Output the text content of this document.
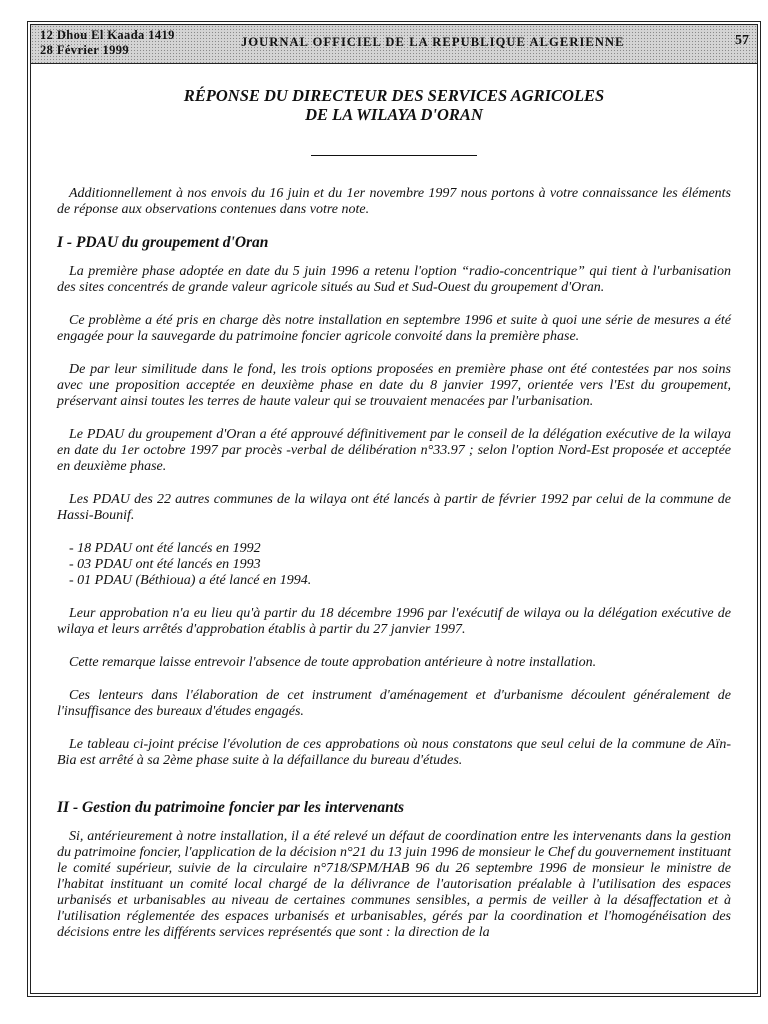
12 Dhou El Kaada 1419
28 Février 1999
JOURNAL OFFICIEL DE LA REPUBLIQUE ALGERIENNE	57
RÉPONSE DU DIRECTEUR DES SERVICES AGRICOLES
DE LA WILAYA D'ORAN

Additionnellement à nos envois du 16 juin et du 1er novembre 1997 nous portons à votre connaissance les éléments de réponse aux observations contenues dans votre note.

I - PDAU du groupement d'Oran

La première phase adoptée en date du 5 juin 1996 a retenu l'option “radio-concentrique” qui tient à l'urbanisation des sites concentrés de grande valeur agricole situés au Sud et Sud-Ouest du groupement d'Oran.

Ce problème a été pris en charge dès notre installation en septembre 1996 et suite à quoi une série de mesures a été engagée pour la sauvegarde du patrimoine foncier agricole convoité dans la première phase.

De par leur similitude dans le fond, les trois options proposées en première phase ont été contestées par nos soins avec une proposition acceptée en deuxième phase en date du 8 janvier 1997, orientée vers l'Est du groupement, préservant ainsi toutes les terres de haute valeur qui se trouvaient menacées par l'urbanisation.

Le PDAU du groupement d'Oran a été approuvé définitivement par le conseil de la délégation exécutive de la wilaya en date du 1er octobre 1997 par procès -verbal de délibération n°33.97 ; selon l'option Nord-Est proposée et acceptée en deuxième phase.

Les PDAU des 22 autres communes de la wilaya ont été lancés à partir de février 1992 par celui de la commune de Hassi-Bounif.

- 18 PDAU ont été lancés en 1992
- 03 PDAU ont été lancés en 1993
- 01 PDAU (Béthioua) a été lancé en 1994.

Leur approbation n'a eu lieu qu'à partir du 18 décembre 1996 par l'exécutif de wilaya ou la délégation exécutive de wilaya et leurs arrêtés d'approbation établis à partir du 27 janvier 1997.

Cette remarque laisse entrevoir l'absence de toute approbation antérieure à notre installation.

Ces lenteurs dans l'élaboration de cet instrument d'aménagement et d'urbanisme découlent généralement de l'insuffisance des bureaux d'études engagés.

Le tableau ci-joint précise l'évolution de ces approbations où nous constatons que seul celui de la commune de Aïn-Bia est arrêté à sa 2ème phase suite à la défaillance du bureau d'études.

II - Gestion du patrimoine foncier par les intervenants

Si, antérieurement à notre installation, il a été relevé un défaut de coordination entre les intervenants dans la gestion du patrimoine foncier, l'application de la décision n°21 du 13 juin 1996 de monsieur le Chef du gouvernement instituant le comité supérieur, suivie de la circulaire n°718/SPM/HAB 96 du 26 septembre 1996 de monsieur le ministre de l'habitat instituant un comité local chargé de la délivrance de l'autorisation préalable à l'utilisation des espaces urbanisés et urbanisables au niveau de certaines communes sensibles, a permis de veiller à la désaffectation et à l'utilisation réglementée des espaces urbanisés et urbanisables, gérés par la coordination et l'homogénéisation des décisions entre les différents services représentés que sont : la direction de la
